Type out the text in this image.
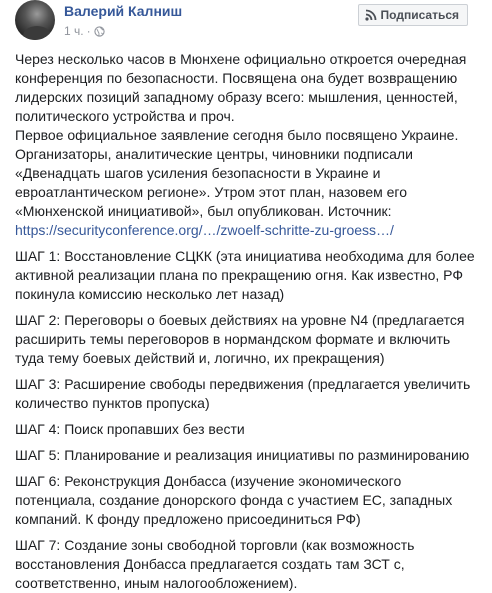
Валерий Калниш
1 ч. ·
Подписаться

Через несколько часов в Мюнхене официально откроется очередная конференция по безопасности. Посвящена она будет возвращению лидерских позиций западному образу всего: мышления, ценностей, политического устройства и проч.

Первое официальное заявление сегодня было посвящено Украине. Организаторы, аналитические центры, чиновники подписали «Двенадцать шагов усиления безопасности в Украине и евроатлантическом регионе». Утром этот план, назовем его «Мюнхенской инициативой», был опубликован. Источник:
https://securityconference.org/…/zwoelf-schritte-zu-groess…/

ШАГ 1: Восстановление СЦКК (эта инициатива необходима для более активной реализации плана по прекращению огня. Как известно, РФ покинула комиссию несколько лет назад)

ШАГ 2: Переговоры о боевых действиях на уровне N4 (предлагается расширить темы переговоров в нормандском формате и включить туда тему боевых действий и, логично, их прекращения)

ШАГ 3: Расширение свободы передвижения (предлагается увеличить количество пунктов пропуска)

ШАГ 4: Поиск пропавших без вести

ШАГ 5: Планирование и реализация инициативы по разминированию

ШАГ 6: Реконструкция Донбасса (изучение экономического потенциала, создание донорского фонда с участием ЕС, западных компаний. К фонду предложено присоединиться РФ)

ШАГ 7: Создание зоны свободной торговли (как возможность восстановления Донбасса предлагается создать там ЗСТ с, соответственно, иным налогообложением).
